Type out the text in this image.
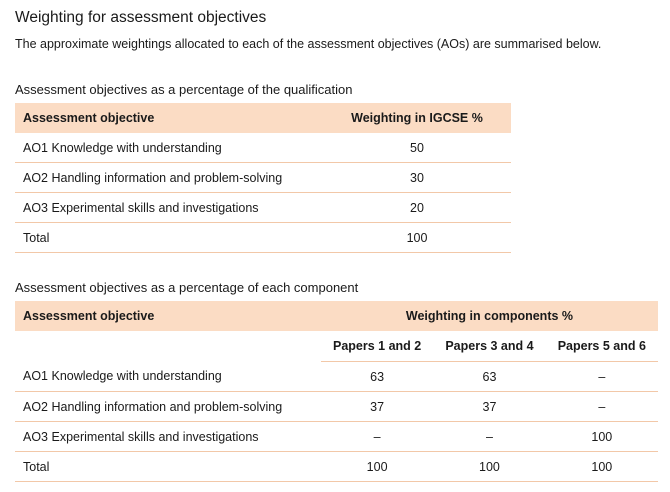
Weighting for assessment objectives
The approximate weightings allocated to each of the assessment objectives (AOs) are summarised below.
Assessment objectives as a percentage of the qualification
Assessment objective	Weighting in IGCSE %
AO1 Knowledge with understanding	50
AO2 Handling information and problem-solving	30
AO3 Experimental skills and investigations	20
Total	100
Assessment objectives as a percentage of each component
Assessment objective	Weighting in components %		
	Papers 1 and 2	Papers 3 and 4	Papers 5 and 6
AO1 Knowledge with understanding	63	63	–
AO2 Handling information and problem-solving	37	37	–
AO3 Experimental skills and investigations	–	–	100
Total	100	100	100
